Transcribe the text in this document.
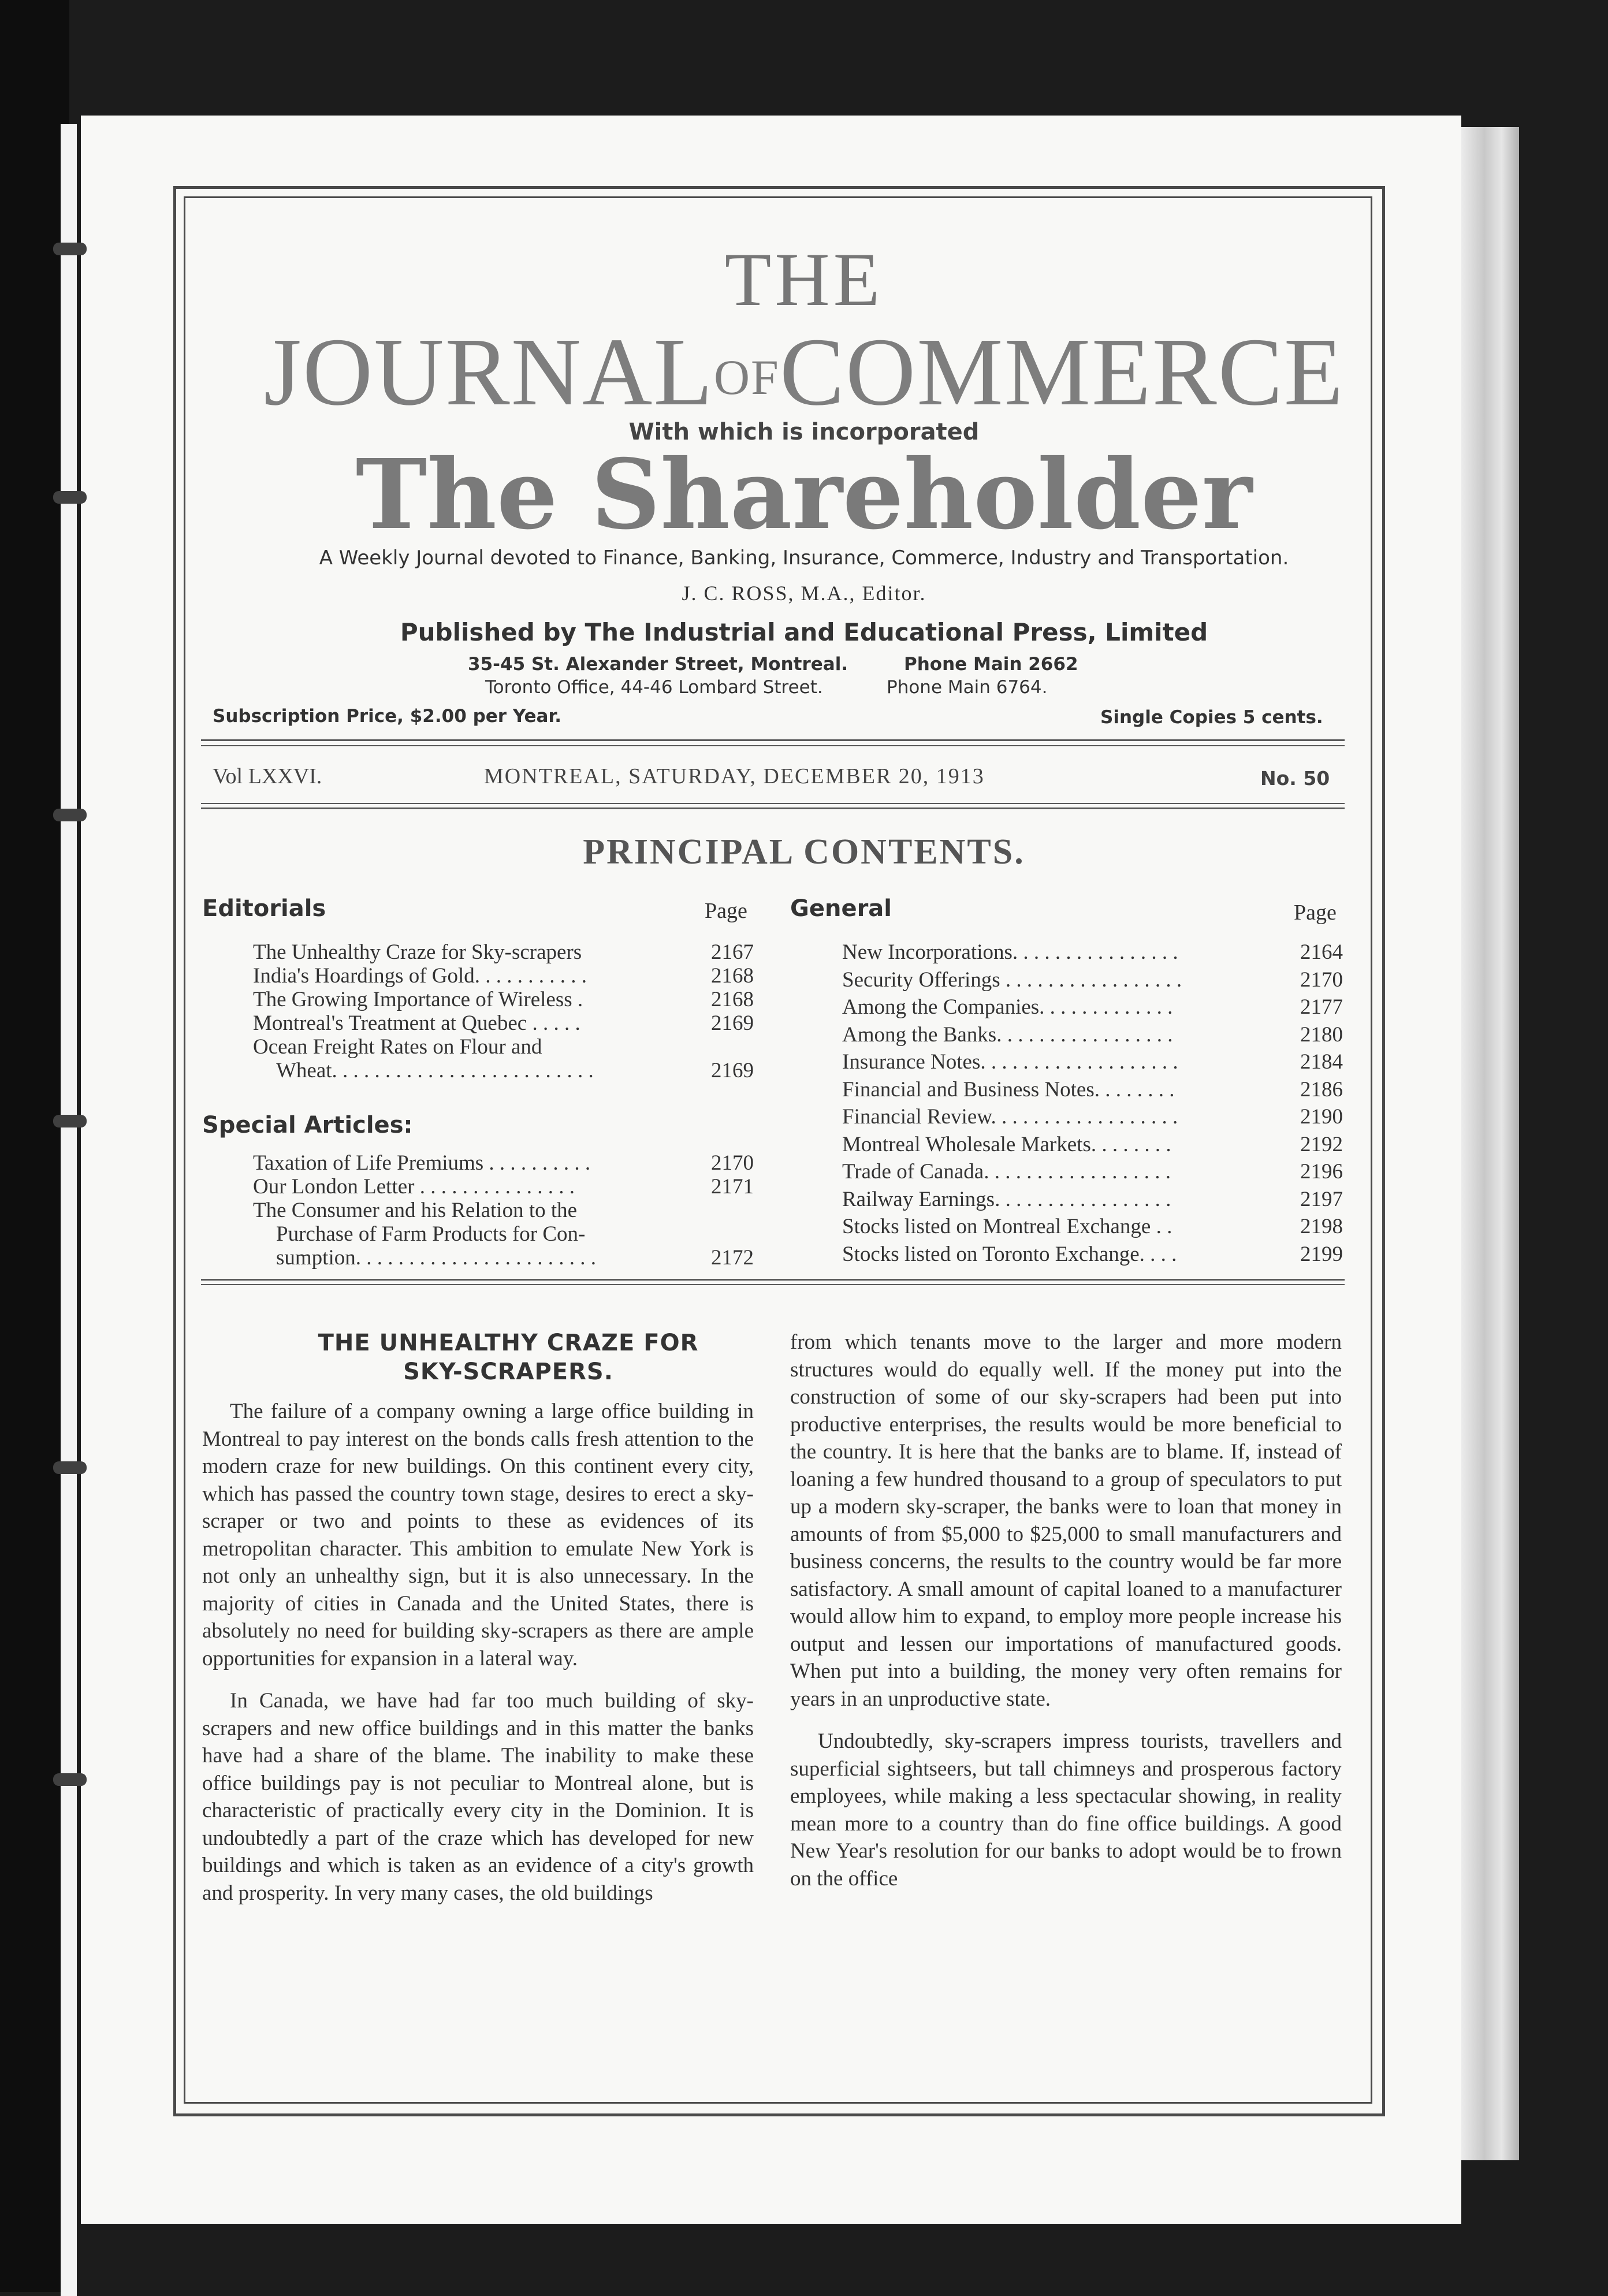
THE
JOURNALOFCOMMERCE
With which is incorporated
The Shareholder
A Weekly Journal devoted to Finance, Banking, Insurance, Commerce, Industry and Transportation.
J. C. ROSS, M.A., Editor.
Published by The Industrial and Educational Press, Limited
35-45 St. Alexander Street, Montreal.	Phone Main 2662
Toronto Office, 44-46 Lombard Street.	Phone Main 6764.
Subscription Price, $2.00 per Year.	Single Copies 5 cents.
Vol LXXVI.	MONTREAL, SATURDAY, DECEMBER 20, 1913	No. 50
PRINCIPAL CONTENTS.
Editorials	Page General	Page
The Unhealthy Craze for Sky-scrapers	2167
India's Hoardings of Gold. . . . . . . . . . .	2168
The Growing Importance of Wireless .	2168
Montreal's Treatment at Quebec . . . . .	2169
Ocean Freight Rates on Flour and
Wheat. . . . . . . . . . . . . . . . . . . . . . . . .	2169
Special Articles:
Taxation of Life Premiums . . . . . . . . . .	2170
Our London Letter . . . . . . . . . . . . . . .	2171
The Consumer and his Relation to the
Purchase of Farm Products for Con-
sumption. . . . . . . . . . . . . . . . . . . . . . .	2172
New Incorporations. . . . . . . . . . . . . . . .	2164
Security Offerings . . . . . . . . . . . . . . . . .	2170
Among the Companies. . . . . . . . . . . . .	2177
Among the Banks. . . . . . . . . . . . . . . . .	2180
Insurance Notes. . . . . . . . . . . . . . . . . . .	2184
Financial and Business Notes. . . . . . . .	2186
Financial Review. . . . . . . . . . . . . . . . . .	2190
Montreal Wholesale Markets. . . . . . . .	2192
Trade of Canada. . . . . . . . . . . . . . . . . .	2196
Railway Earnings. . . . . . . . . . . . . . . . .	2197
Stocks listed on Montreal Exchange . .	2198
Stocks listed on Toronto Exchange. . . .	2199
THE UNHEALTHY CRAZE FOR
SKY-SCRAPERS.

The failure of a company owning a large office building in Montreal to pay interest on the bonds calls fresh attention to the modern craze for new buildings. On this continent every city, which has passed the country town stage, desires to erect a sky-scraper or two and points to these as evidences of its metropolitan character. This ambition to emulate New York is not only an unhealthy sign, but it is also unnecessary. In the majority of cities in Canada and the United States, there is absolutely no need for building sky-scrapers as there are ample opportunities for expansion in a lateral way.

In Canada, we have had far too much building of sky-scrapers and new office buildings and in this matter the banks have had a share of the blame. The inability to make these office buildings pay is not peculiar to Montreal alone, but is characteristic of practically every city in the Dominion. It is undoubtedly a part of the craze which has developed for new buildings and which is taken as an evidence of a city's growth and prosperity. In very many cases, the old buildings

from which tenants move to the larger and more modern structures would do equally well. If the money put into the construction of some of our sky-scrapers had been put into productive enterprises, the results would be more beneficial to the country. It is here that the banks are to blame. If, instead of loaning a few hundred thousand to a group of speculators to put up a modern sky-scraper, the banks were to loan that money in amounts of from $5,000 to $25,000 to small manufacturers and business concerns, the results to the country would be far more satisfactory. A small amount of capital loaned to a manufacturer would allow him to expand, to employ more people increase his output and lessen our importations of manufactured goods. When put into a building, the money very often remains for years in an unproductive state.

Undoubtedly, sky-scrapers impress tourists, travellers and superficial sightseers, but tall chimneys and prosperous factory employees, while making a less spectacular showing, in reality mean more to a country than do fine office buildings. A good New Year's resolution for our banks to adopt would be to frown on the office
